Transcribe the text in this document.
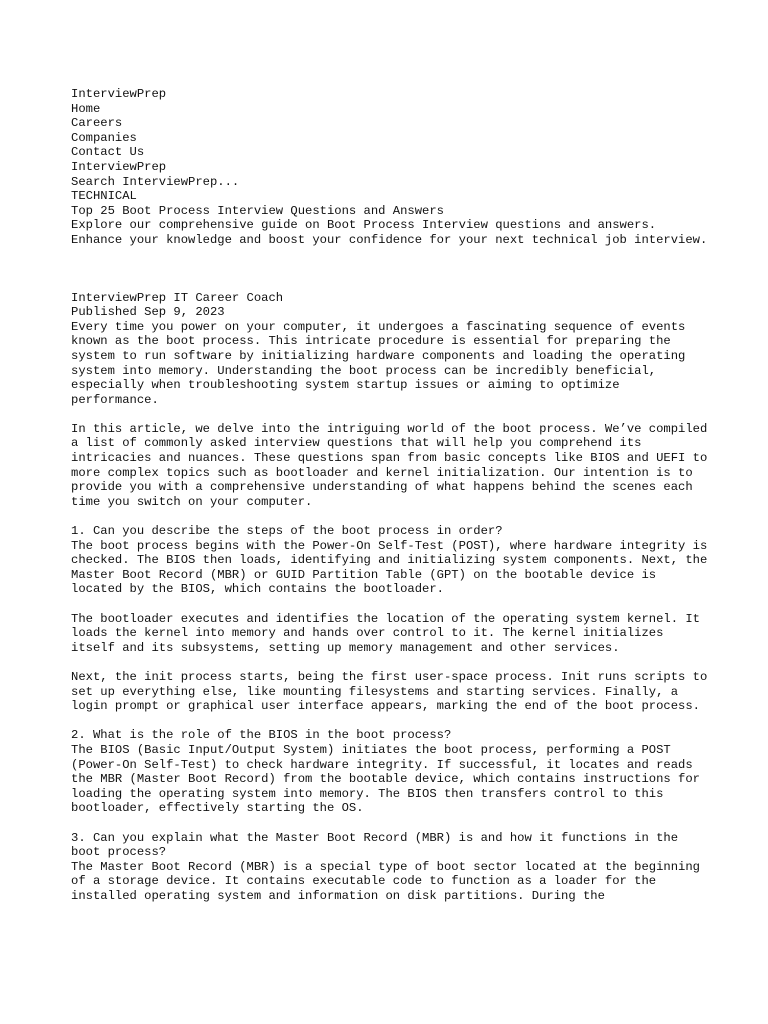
InterviewPrep
Home
Careers
Companies
Contact Us
InterviewPrep
Search InterviewPrep...
TECHNICAL
Top 25 Boot Process Interview Questions and Answers

Explore our comprehensive guide on Boot Process Interview questions and answers. Enhance your knowledge and boost your confidence for your next technical job interview.

InterviewPrep IT Career Coach
Published Sep 9, 2023

Every time you power on your computer, it undergoes a fascinating sequence of events known as the boot process. This intricate procedure is essential for preparing the system to run software by initializing hardware components and loading the operating system into memory. Understanding the boot process can be incredibly beneficial, especially when troubleshooting system startup issues or aiming to optimize performance.

In this article, we delve into the intriguing world of the boot process. We’ve compiled a list of commonly asked interview questions that will help you comprehend its intricacies and nuances. These questions span from basic concepts like BIOS and UEFI to more complex topics such as bootloader and kernel initialization. Our intention is to provide you with a comprehensive understanding of what happens behind the scenes each time you switch on your computer.

1. Can you describe the steps of the boot process in order?

The boot process begins with the Power-On Self-Test (POST), where hardware integrity is checked. The BIOS then loads, identifying and initializing system components. Next, the Master Boot Record (MBR) or GUID Partition Table (GPT) on the bootable device is located by the BIOS, which contains the bootloader.

The bootloader executes and identifies the location of the operating system kernel. It loads the kernel into memory and hands over control to it. The kernel initializes itself and its subsystems, setting up memory management and other services.

Next, the init process starts, being the first user-space process. Init runs scripts to set up everything else, like mounting filesystems and starting services. Finally, a login prompt or graphical user interface appears, marking the end of the boot process.

2. What is the role of the BIOS in the boot process?

The BIOS (Basic Input/Output System) initiates the boot process, performing a POST (Power-On Self-Test) to check hardware integrity. If successful, it locates and reads the MBR (Master Boot Record) from the bootable device, which contains instructions for loading the operating system into memory. The BIOS then transfers control to this bootloader, effectively starting the OS.

3. Can you explain what the Master Boot Record (MBR) is and how it functions in the boot process?

The Master Boot Record (MBR) is a special type of boot sector located at the beginning of a storage device. It contains executable code to function as a loader for the installed operating system and information on disk partitions. During the
